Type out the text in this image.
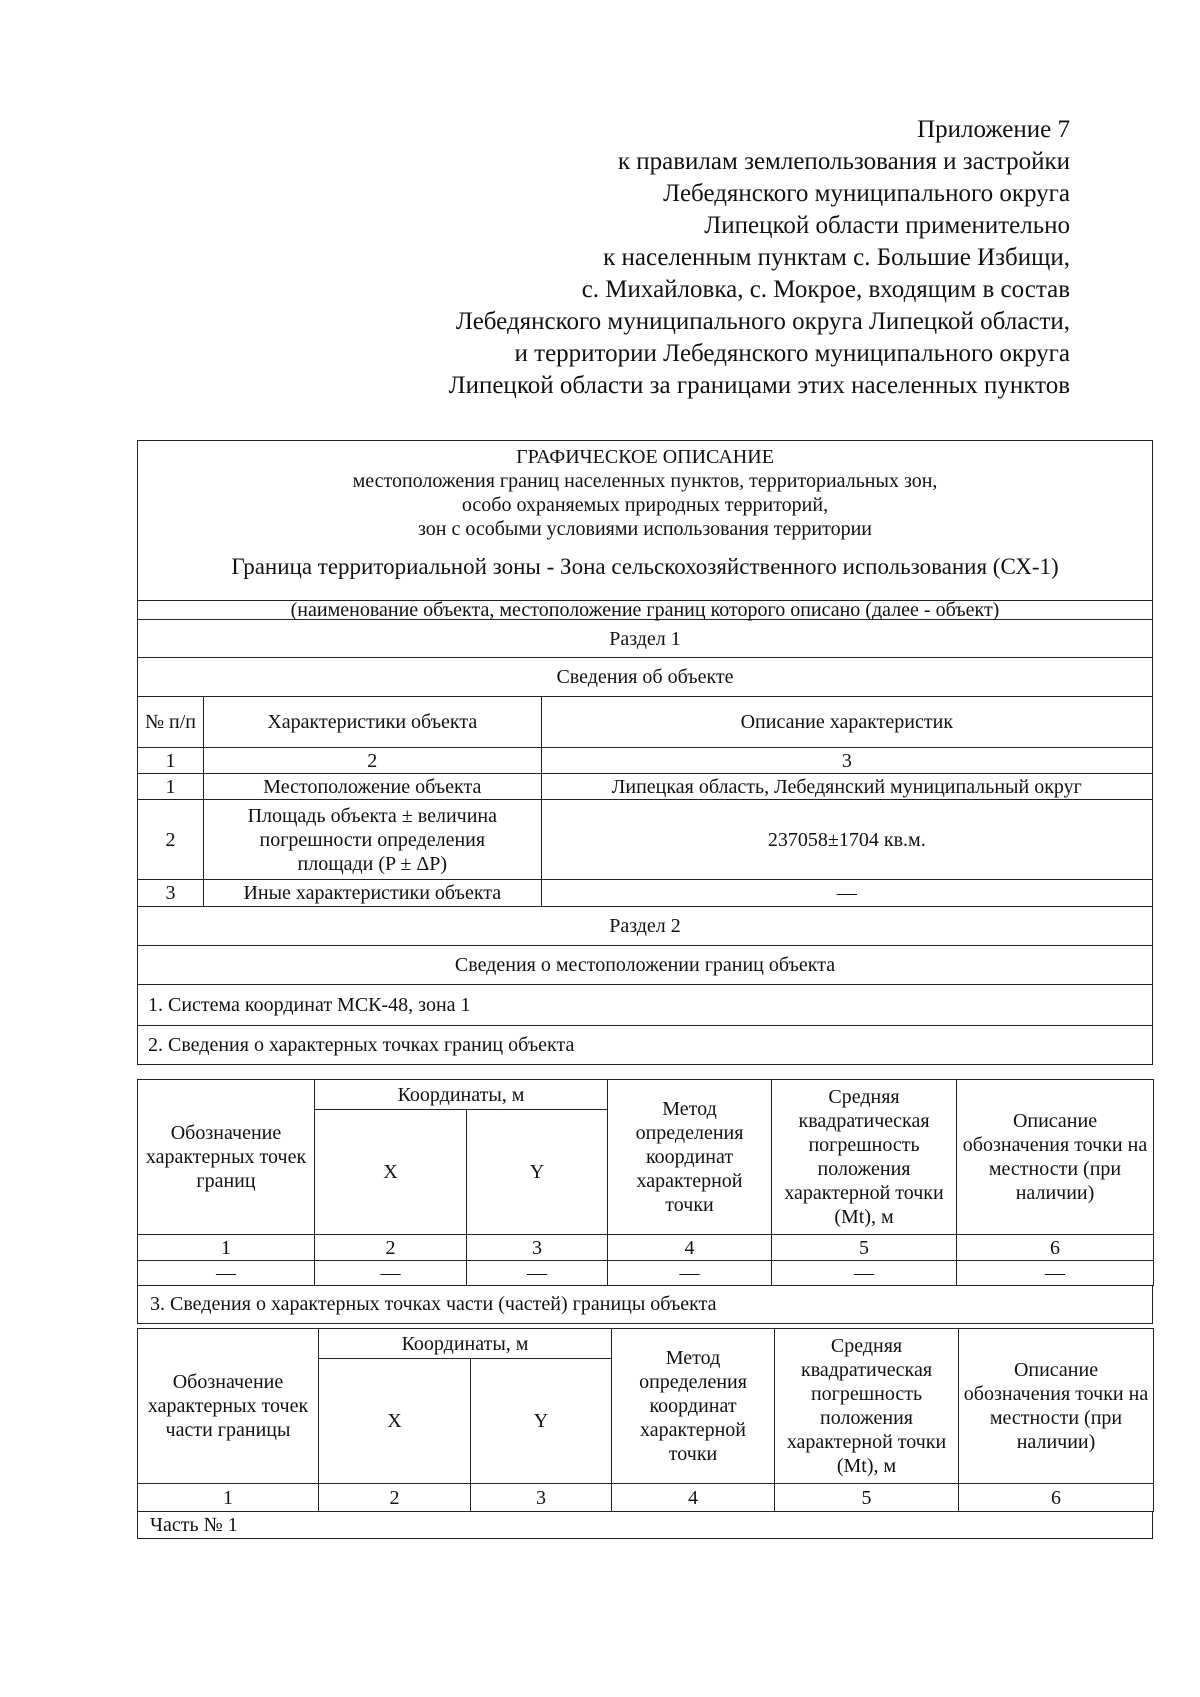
Приложение 7
к правилам землепользования и застройки
Лебедянского муниципального округа
Липецкой области применительно
к населенным пунктам с. Большие Избищи,
с. Михайловка, с. Мокрое, входящим в состав
Лебедянского муниципального округа Липецкой области,
и территории Лебедянского муниципального округа
Липецкой области за границами этих населенных пунктов
ГРАФИЧЕСКОЕ ОПИСАНИЕ
местоположения границ населенных пунктов, территориальных зон,
особо охраняемых природных территорий,
зон с особыми условиями использования территории
Граница территориальной зоны - Зона сельскохозяйственного использования (СХ-1)		

(наименование объекта, местоположение границ которого описано (далее - объект)		
Раздел 1		
Сведения об объекте		
№ п/п	Характеристики объекта	Описание характеристик
1	2	3
1	Местоположение объекта	Липецкая область, Лебедянский муниципальный округ
2	Площадь объекта ± величина погрешности определения площади (P ± ΔP)	237058±1704 кв.м.
3	Иные характеристики объекта	—
Раздел 2		
Сведения о местоположении границ объекта		
1. Система координат МСК-48, зона 1		
2. Сведения о характерных точках границ объекта		
Обозначение характерных точек границ	Координаты, м		Метод определения координат характерной точки	Средняя квадратичеcкая погрешность положения характерной точки (Mt), м	Описание обозначения точки на местности (при наличии)
	X	Y			
1	2	3	4	5	6
—	—	—	—	—	—
3. Сведения о характерных точках части (частей) границы объекта
Обозначение характерных точек части границы	Координаты, м		Метод определения координат характерной точки	Средняя квадратичеcкая погрешность положения характерной точки (Mt), м	Описание обозначения точки на местности (при наличии)
	X	Y			
1	2	3	4	5	6
Часть № 1
